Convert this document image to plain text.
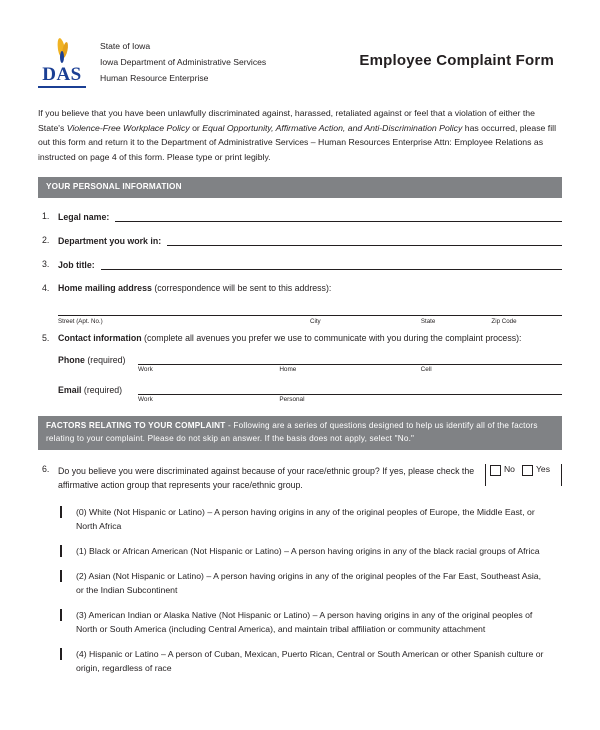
DAS
State of Iowa
Iowa Department of Administrative Services
Human Resource Enterprise
Employee Complaint Form
If you believe that you have been unlawfully discriminated against, harassed, retaliated against or feel that a violation of either the State's Violence-Free Workplace Policy or Equal Opportunity, Affirmative Action, and Anti-Discrimination Policy has occurred, please fill out this form and return it to the Department of Administrative Services – Human Resources Enterprise Attn: Employee Relations as instructed on page 4 of this form. Please type or print legibly.
YOUR PERSONAL INFORMATION
1. Legal name:
2. Department you work in:
3. Job title:
4. Home mailing address (correspondence will be sent to this address):
Street (Apt. No.)	City	State	Zip Code
5. Contact information (complete all avenues you prefer we use to communicate with you during the complaint process):
Phone (required)
Work	Home	Cell
Email (required)
Work	Personal
FACTORS RELATING TO YOUR COMPLAINT - Following are a series of questions designed to help us identify all of the factors relating to your complaint. Please do not skip an answer. If the basis does not apply, select "No."
6. Do you believe you were discriminated against because of your race/ethnic group? If yes, please check the affirmative action group that represents your race/ethnic group.
No Yes
(0) White (Not Hispanic or Latino) – A person having origins in any of the original peoples of Europe, the Middle East, or North Africa
(1) Black or African American (Not Hispanic or Latino) – A person having origins in any of the black racial groups of Africa
(2) Asian (Not Hispanic or Latino) – A person having origins in any of the original peoples of the Far East, Southeast Asia, or the Indian Subcontinent
(3) American Indian or Alaska Native (Not Hispanic or Latino) – A person having origins in any of the original peoples of North or South America (including Central America), and maintain tribal affiliation or community attachment
(4) Hispanic or Latino – A person of Cuban, Mexican, Puerto Rican, Central or South American or other Spanish culture or origin, regardless of race
